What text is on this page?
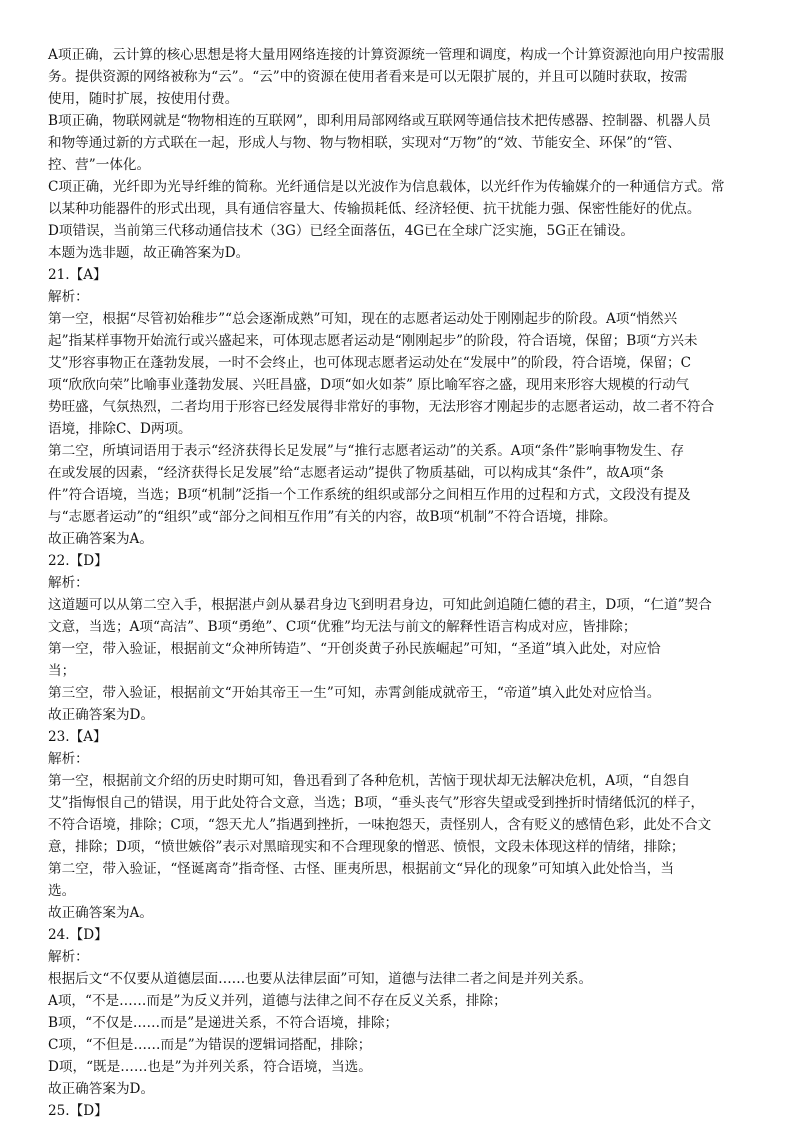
A项正确，云计算的核心思想是将大量用网络连接的计算资源统一管理和调度，构成一个计算资源池向用户按需服
务。提供资源的网络被称为“云”。“云”中的资源在使用者看来是可以无限扩展的，并且可以随时获取，按需
使用，随时扩展，按使用付费。
B项正确，物联网就是“物物相连的互联网”，即利用局部网络或互联网等通信技术把传感器、控制器、机器人员
和物等通过新的方式联在一起，形成人与物、物与物相联，实现对“万物”的“效、节能安全、环保”的“管、
控、营”一体化。
C项正确，光纤即为光导纤维的简称。光纤通信是以光波作为信息载体，以光纤作为传输媒介的一种通信方式。常
以某种功能器件的形式出现，具有通信容量大、传输损耗低、经济轻便、抗干扰能力强、保密性能好的优点。
D项错误，当前第三代移动通信技术（3G）已经全面落伍，4G已在全球广泛实施，5G正在铺设。
本题为选非题，故正确答案为D。
21.【A】
解析：
第一空，根据“尽管初始稚步”“总会逐渐成熟”可知，现在的志愿者运动处于刚刚起步的阶段。A项“悄然兴
起”指某样事物开始流行或兴盛起来，可体现志愿者运动是“刚刚起步”的阶段，符合语境，保留；B项“方兴未
艾”形容事物正在蓬勃发展，一时不会终止，也可体现志愿者运动处在“发展中”的阶段，符合语境，保留；C
项“欣欣向荣”比喻事业蓬勃发展、兴旺昌盛，D项“如火如荼” 原比喻军容之盛，现用来形容大规模的行动气
势旺盛，气氛热烈，二者均用于形容已经发展得非常好的事物，无法形容才刚起步的志愿者运动，故二者不符合
语境，排除C、D两项。
第二空，所填词语用于表示“经济获得长足发展”与“推行志愿者运动”的关系。A项“条件”影响事物发生、存
在或发展的因素，“经济获得长足发展”给“志愿者运动”提供了物质基础，可以构成其“条件”，故A项“条
件”符合语境，当选；B项“机制”泛指一个工作系统的组织或部分之间相互作用的过程和方式，文段没有提及
与“志愿者运动”的“组织”或“部分之间相互作用”有关的内容，故B项“机制”不符合语境，排除。
故正确答案为A。
22.【D】
解析：
这道题可以从第二空入手，根据湛卢剑从暴君身边飞到明君身边，可知此剑追随仁德的君主，D项，“仁道”契合
文意，当选；A项“高洁”、B项“勇绝”、C项“优雅”均无法与前文的解释性语言构成对应，皆排除；
第一空，带入验证，根据前文“众神所铸造”、“开创炎黄子孙民族崛起”可知，“圣道”填入此处，对应恰
当；
第三空，带入验证，根据前文“开始其帝王一生”可知，赤霄剑能成就帝王，“帝道”填入此处对应恰当。
故正确答案为D。
23.【A】
解析：
第一空，根据前文介绍的历史时期可知，鲁迅看到了各种危机，苦恼于现状却无法解决危机，A项，“自怨自
艾”指悔恨自己的错误，用于此处符合文意，当选；B项，“垂头丧气”形容失望或受到挫折时情绪低沉的样子，
不符合语境，排除；C项，“怨天尤人”指遇到挫折，一味抱怨天，责怪别人，含有贬义的感情色彩，此处不合文
意，排除；D项，“愤世嫉俗”表示对黑暗现实和不合理现象的憎恶、愤恨，文段未体现这样的情绪，排除；
第二空，带入验证，“怪诞离奇”指奇怪、古怪、匪夷所思，根据前文“异化的现象”可知填入此处恰当，当
选。
故正确答案为A。
24.【D】
解析：
根据后文“不仅要从道德层面……也要从法律层面”可知，道德与法律二者之间是并列关系。
A项，“不是……而是”为反义并列，道德与法律之间不存在反义关系，排除；
B项，“不仅是……而是”是递进关系，不符合语境，排除；
C项，“不但是……而是”为错误的逻辑词搭配，排除；
D项，“既是……也是”为并列关系，符合语境，当选。
故正确答案为D。
25.【D】
